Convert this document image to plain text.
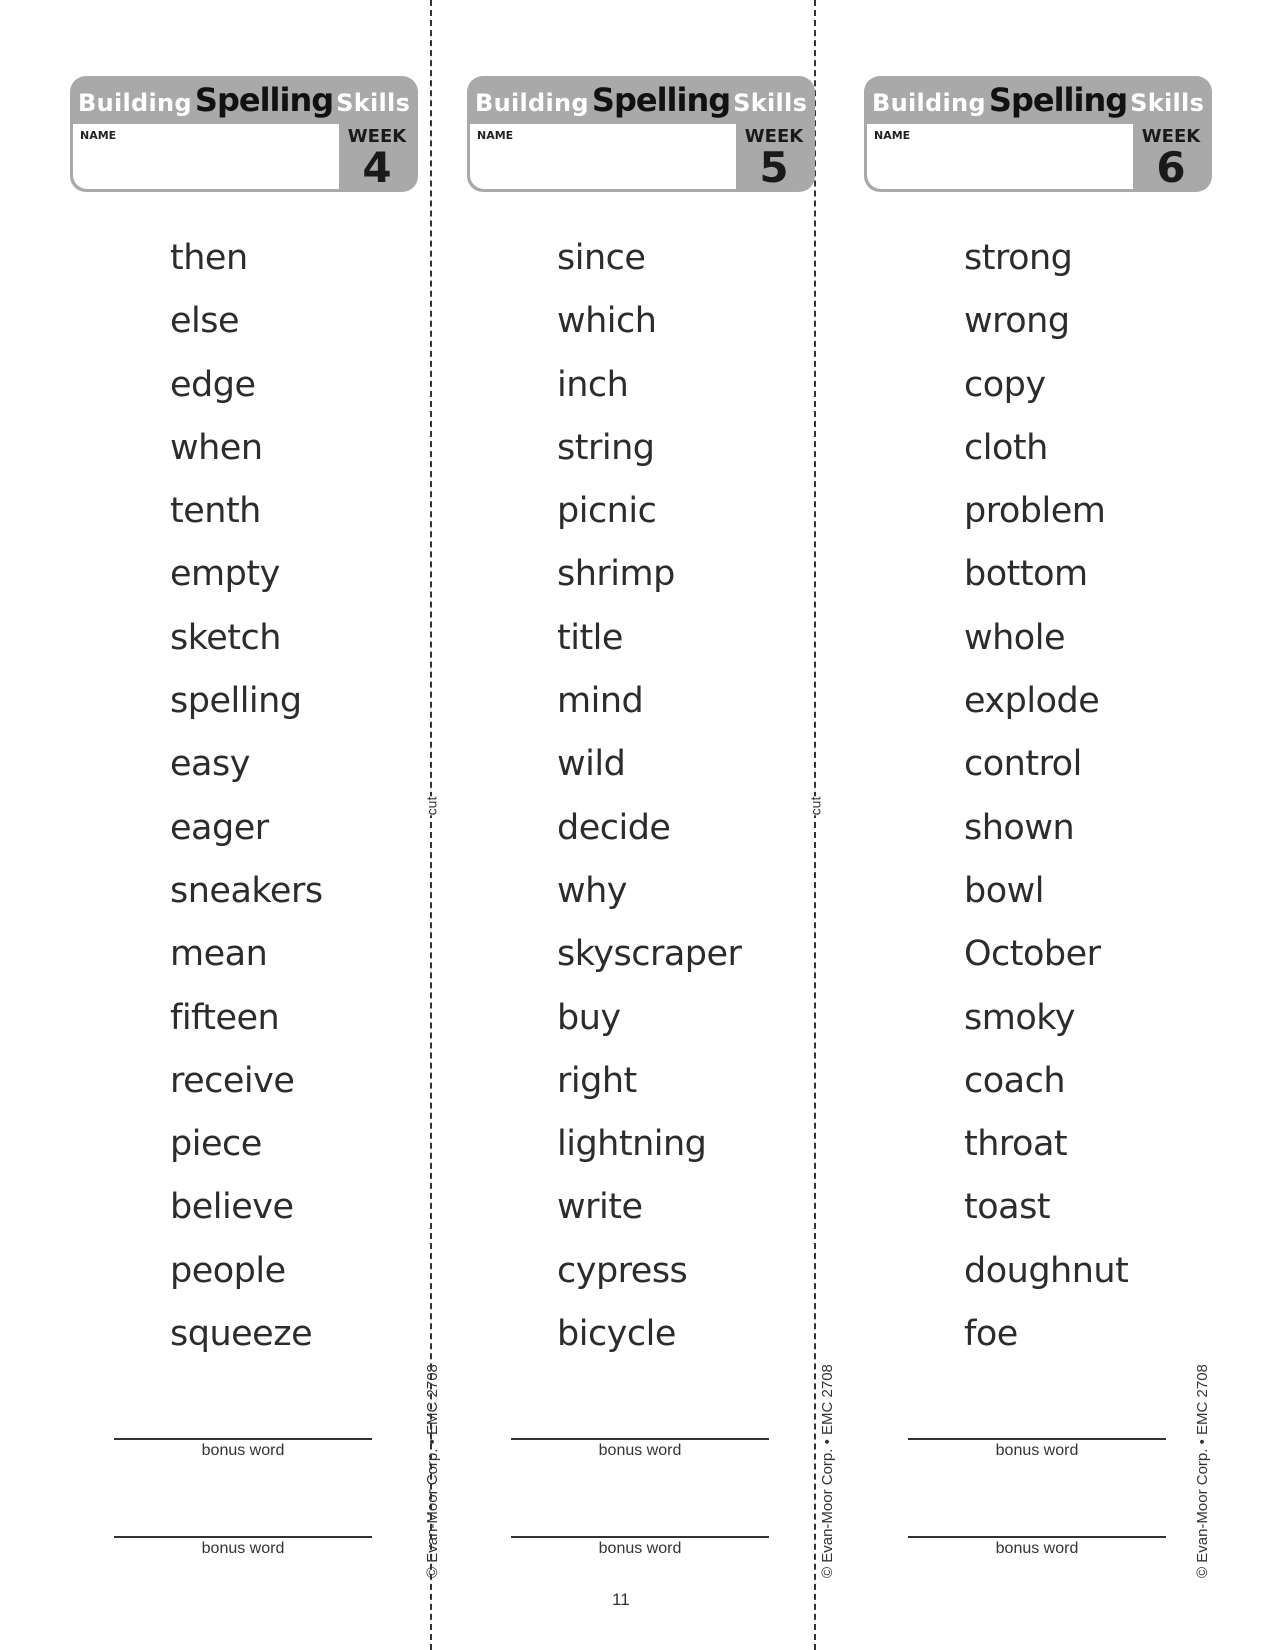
cut	cut
BuildingSpelling Skills
NAME	WEEK
4
then
else
edge
when
tenth
empty
sketch
spelling
easy
eager
sneakers
mean
fifteen
receive
piece
believe
people
squeeze
bonus word
bonus word	© Evan-Moor Corp. • EMC 2708
BuildingSpelling Skills
NAME	WEEK
5
since
which
inch
string
picnic
shrimp
title
mind
wild
decide
why
skyscraper
buy
right
lightning
write
cypress
bicycle
bonus word
bonus word	© Evan-Moor Corp. • EMC 2708
BuildingSpelling Skills
NAME	WEEK
6
strong
wrong
copy
cloth
problem
bottom
whole
explode
control
shown
bowl
October
smoky
coach
throat
toast
doughnut
foe
bonus word
bonus word	© Evan-Moor Corp. • EMC 2708
11
